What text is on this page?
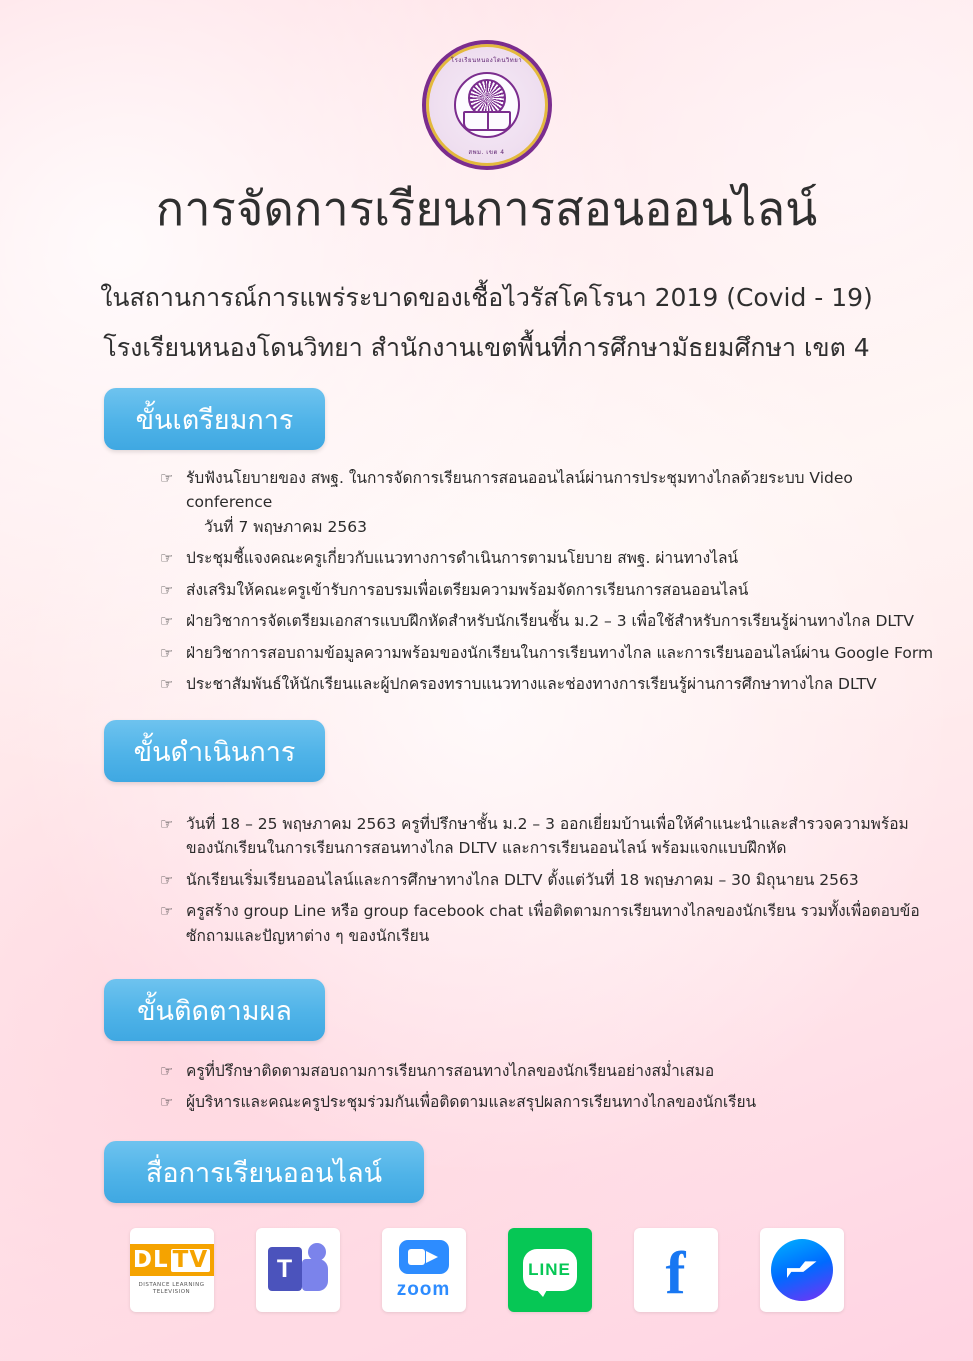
โรงเรียนหนองโดนวิทยา
สพม. เขต 4
การจัดการเรียนการสอนออนไลน์
ในสถานการณ์การแพร่ระบาดของเชื้อไวรัสโคโรนา 2019 (Covid - 19)
โรงเรียนหนองโดนวิทยา สำนักงานเขตพื้นที่การศึกษามัธยมศึกษา เขต 4
ขั้นเตรียมการ
☞ รับฟังนโยบายของ สพฐ. ในการจัดการเรียนการสอนออนไลน์ผ่านการประชุมทางไกลด้วยระบบ Video conference
วันที่ 7 พฤษภาคม 2563
☞ ประชุมชี้แจงคณะครูเกี่ยวกับแนวทางการดำเนินการตามนโยบาย สพฐ. ผ่านทางไลน์
☞ ส่งเสริมให้คณะครูเข้ารับการอบรมเพื่อเตรียมความพร้อมจัดการเรียนการสอนออนไลน์
☞ ฝ่ายวิชาการจัดเตรียมเอกสารแบบฝึกหัดสำหรับนักเรียนชั้น ม.2 – 3 เพื่อใช้สำหรับการเรียนรู้ผ่านทางไกล DLTV
☞ ฝ่ายวิชาการสอบถามข้อมูลความพร้อมของนักเรียนในการเรียนทางไกล และการเรียนออนไลน์ผ่าน Google Form
☞ ประชาสัมพันธ์ให้นักเรียนและผู้ปกครองทราบแนวทางและช่องทางการเรียนรู้ผ่านการศึกษาทางไกล DLTV
ขั้นดำเนินการ
☞ วันที่ 18 – 25 พฤษภาคม 2563 ครูที่ปรึกษาชั้น ม.2 – 3 ออกเยี่ยมบ้านเพื่อให้คำแนะนำและสำรวจความพร้อม
ของนักเรียนในการเรียนการสอนทางไกล DLTV และการเรียนออนไลน์ พร้อมแจกแบบฝึกหัด
☞ นักเรียนเริ่มเรียนออนไลน์และการศึกษาทางไกล DLTV ตั้งแต่วันที่ 18 พฤษภาคม – 30 มิถุนายน 2563
☞ ครูสร้าง group Line หรือ group facebook chat เพื่อติดตามการเรียนทางไกลของนักเรียน รวมทั้งเพื่อตอบข้อ
ซักถามและปัญหาต่าง ๆ ของนักเรียน
ขั้นติดตามผล
☞ ครูที่ปรึกษาติดตามสอบถามการเรียนการสอนทางไกลของนักเรียนอย่างสม่ำเสมอ
☞ ผู้บริหารและคณะครูประชุมร่วมกันเพื่อติดตามและสรุปผลการเรียนทางไกลของนักเรียน
สื่อการเรียนออนไลน์
DL TV
DISTANCE LEARNING TELEVISION
T
zoom
LINE f
